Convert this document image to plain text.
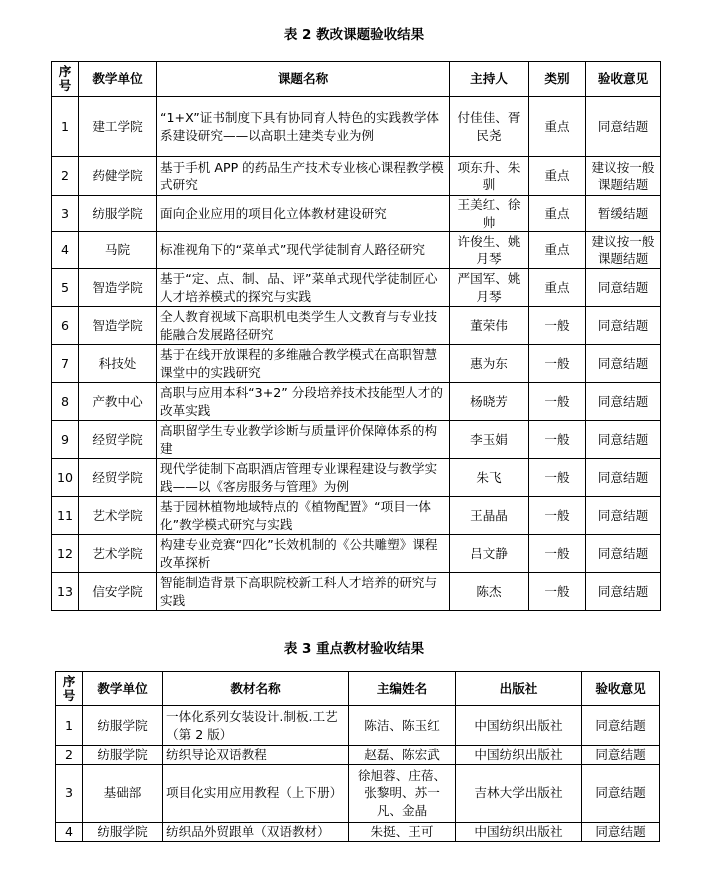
表 2 教改课题验收结果
序号	教学单位	课题名称	主持人	类别	验收意见
1	建工学院	“1+X”证书制度下具有协同育人特色的实践教学体系建设研究——以高职土建类专业为例	付佳佳、胥民尧	重点	同意结题
2	药健学院	基于手机 APP 的药品生产技术专业核心课程教学模式研究	项东升、朱驯	重点	建议按一般课题结题
3	纺服学院	面向企业应用的项目化立体教材建设研究	王美红、徐帅	重点	暂缓结题
4	马院	标准视角下的“菜单式”现代学徒制育人路径研究	许俊生、姚月琴	重点	建议按一般课题结题
5	智造学院	基于“定、点、制、品、评”菜单式现代学徒制匠心人才培养模式的探究与实践	严国军、姚月琴	重点	同意结题
6	智造学院	全人教育视域下高职机电类学生人文教育与专业技能融合发展路径研究	董荣伟	一般	同意结题
7	科技处	基于在线开放课程的多维融合教学模式在高职智慧课堂中的实践研究	惠为东	一般	同意结题
8	产教中心	高职与应用本科“3+2” 分段培养技术技能型人才的改革实践	杨晓芳	一般	同意结题
9	经贸学院	高职留学生专业教学诊断与质量评价保障体系的构建	李玉娟	一般	同意结题
10	经贸学院	现代学徒制下高职酒店管理专业课程建设与教学实践——以《客房服务与管理》为例	朱飞	一般	同意结题
11	艺术学院	基于园林植物地域特点的《植物配置》“项目一体化”教学模式研究与实践	王晶晶	一般	同意结题
12	艺术学院	构建专业竞赛“四化”长效机制的《公共雕塑》课程改革探析	吕文静	一般	同意结题
13	信安学院	智能制造背景下高职院校新工科人才培养的研究与实践	陈杰	一般	同意结题
表 3 重点教材验收结果
序号	教学单位	教材名称	主编姓名	出版社	验收意见
1	纺服学院	一体化系列女装设计.制板.工艺（第 2 版）	陈洁、陈玉红	中国纺织出版社	同意结题
2	纺服学院	纺织导论双语教程	赵磊、陈宏武	中国纺织出版社	同意结题
3	基础部	项目化实用应用教程（上下册）	徐旭蓉、庄蓓、张黎明、苏一凡、金晶	吉林大学出版社	同意结题
4	纺服学院	纺织品外贸跟单（双语教材）	朱挺、王可	中国纺织出版社	同意结题
